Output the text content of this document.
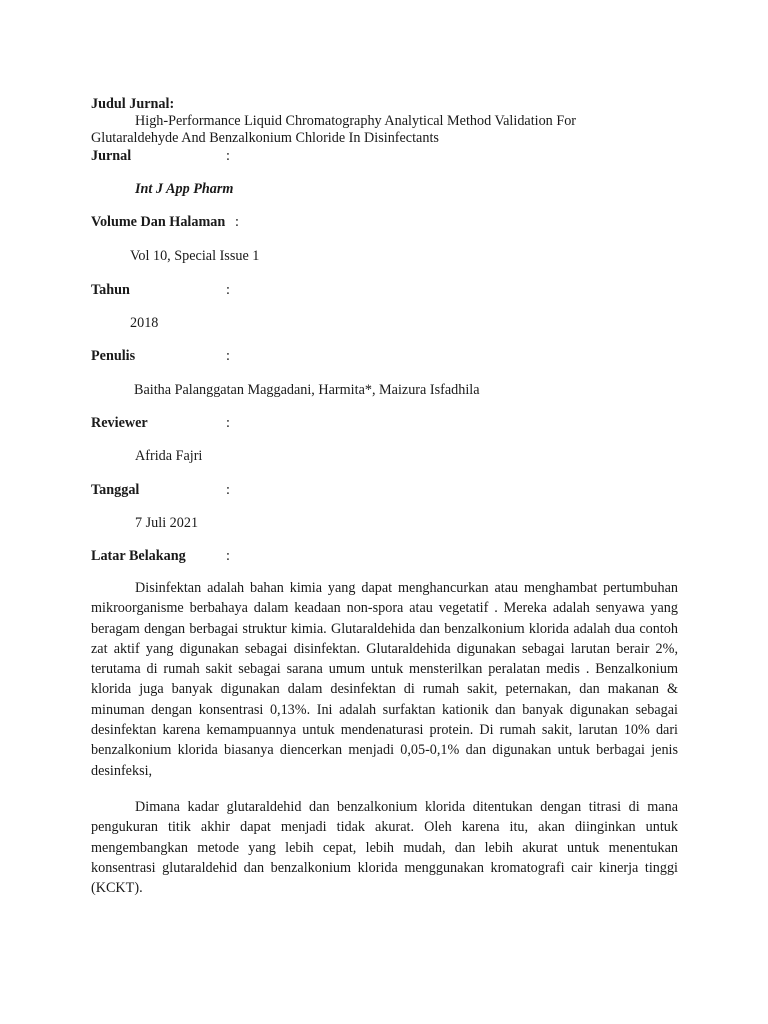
Judul Jurnal:
High-Performance Liquid Chromatography Analytical Method Validation For
Glutaraldehyde And Benzalkonium Chloride In Disinfectants
Jurnal	:
Int J App Pharm
Volume Dan Halaman :
Vol 10, Special Issue 1
Tahun	:
2018
Penulis	:
Baitha Palanggatan Maggadani, Harmita*, Maizura Isfadhila
Reviewer	:
Afrida Fajri
Tanggal	:
7 Juli 2021
Latar Belakang	:

Disinfektan adalah bahan kimia yang dapat menghancurkan atau menghambat pertumbuhan mikroorganisme berbahaya dalam keadaan non-spora atau vegetatif . Mereka adalah senyawa yang beragam dengan berbagai struktur kimia. Glutaraldehida dan benzalkonium klorida adalah dua contoh zat aktif yang digunakan sebagai disinfektan. Glutaraldehida digunakan sebagai larutan berair 2%, terutama di rumah sakit sebagai sarana umum untuk mensterilkan peralatan medis . Benzalkonium klorida juga banyak digunakan dalam desinfektan di rumah sakit, peternakan, dan makanan & minuman dengan konsentrasi 0,13%. Ini adalah surfaktan kationik dan banyak digunakan sebagai desinfektan karena kemampuannya untuk mendenaturasi protein. Di rumah sakit, larutan 10% dari benzalkonium klorida biasanya diencerkan menjadi 0,05-0,1% dan digunakan untuk berbagai jenis desinfeksi,

Dimana kadar glutaraldehid dan benzalkonium klorida ditentukan dengan titrasi di mana pengukuran titik akhir dapat menjadi tidak akurat. Oleh karena itu, akan diinginkan untuk mengembangkan metode yang lebih cepat, lebih mudah, dan lebih akurat untuk menentukan konsentrasi glutaraldehid dan benzalkonium klorida menggunakan kromatografi cair kinerja tinggi (KCKT).
